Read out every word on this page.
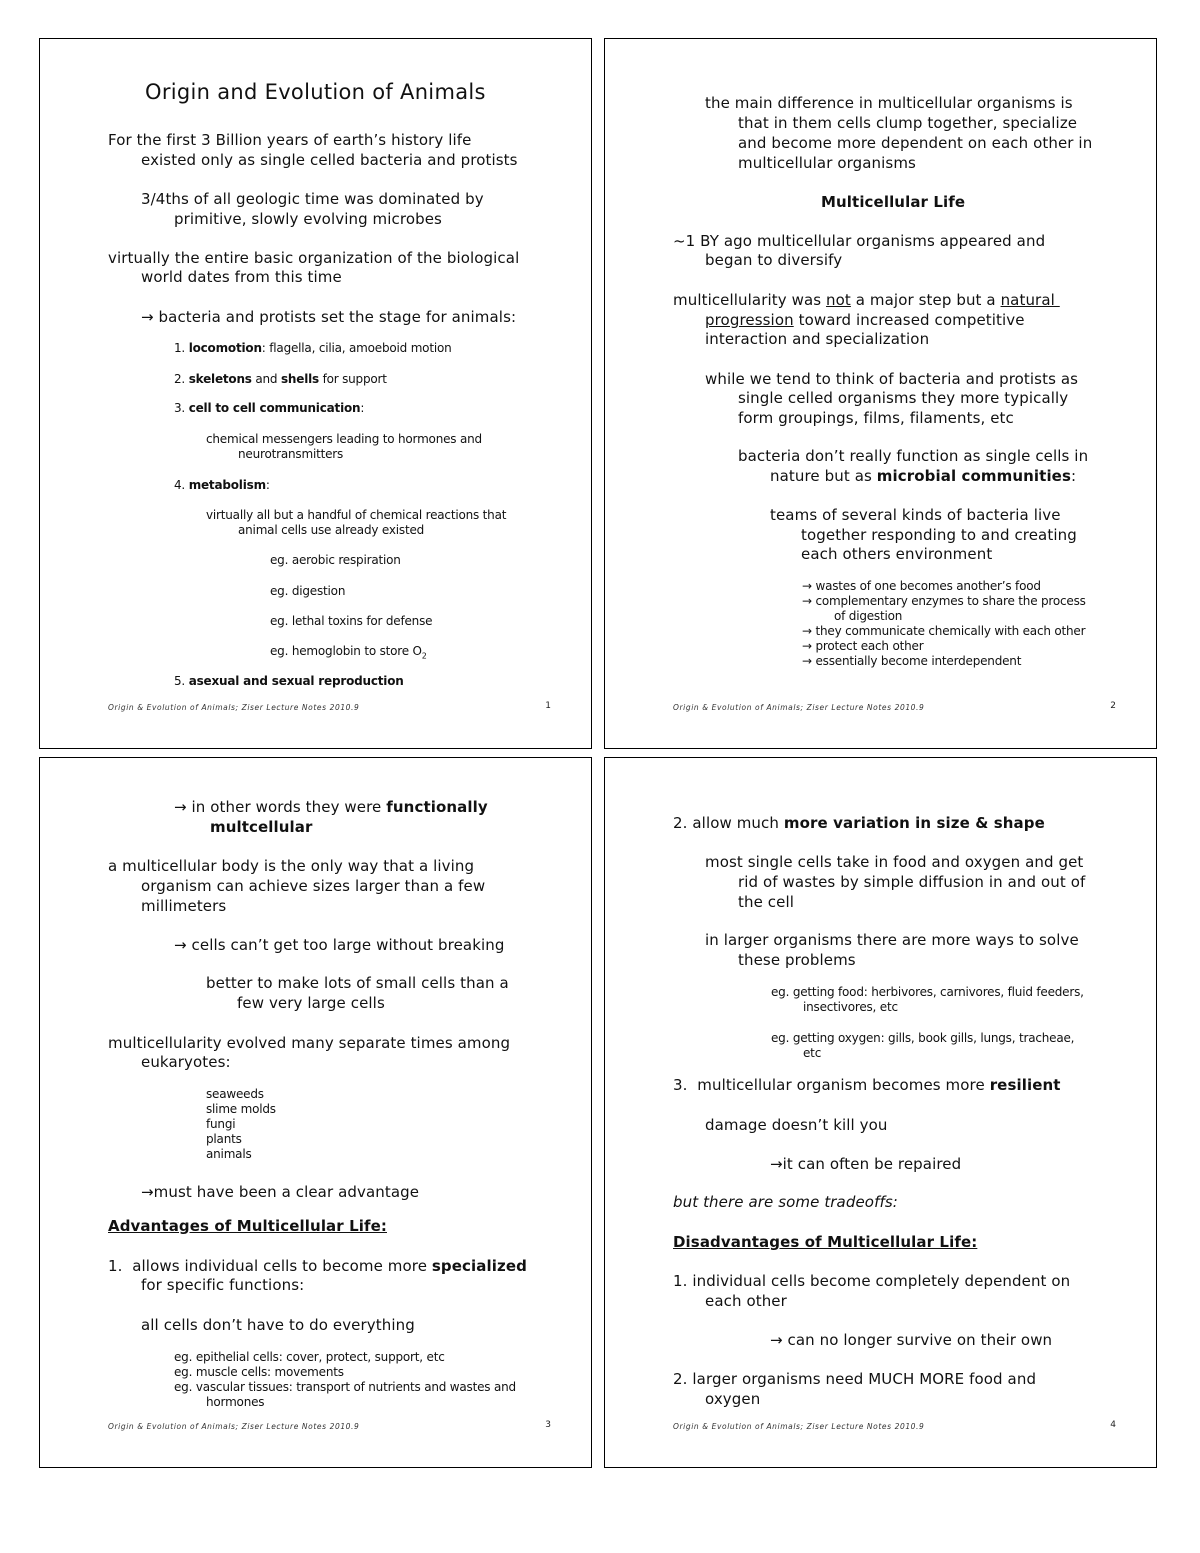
Origin and Evolution of Animals
For the first 3 Billion years of earth’s history life
existed only as single celled bacteria and protists
3/4ths of all geologic time was dominated by
primitive, slowly evolving microbes
virtually the entire basic organization of the biological
world dates from this time
→ bacteria and protists set the stage for animals:
1. locomotion: flagella, cilia, amoeboid motion
2. skeletons and shells for support
3. cell to cell communication:
chemical messengers leading to hormones and
neurotransmitters
4. metabolism:
virtually all but a handful of chemical reactions that
animal cells use already existed
eg. aerobic respiration
eg. digestion
eg. lethal toxins for defense
eg. hemoglobin to store $O_2$
5. asexual and sexual reproduction
Origin & Evolution of Animals; Ziser Lecture Notes 2010.9	1
the main difference in multicellular organisms is
that in them cells clump together, specialize
and become more dependent on each other in
multicellular organisms
Multicellular Life
~1 BY ago multicellular organisms appeared and
began to diversify
multicellularity was not a major step but a natural
progression toward increased competitive
interaction and specialization
while we tend to think of bacteria and protists as
single celled organisms they more typically
form groupings, films, filaments, etc
bacteria don’t really function as single cells in
nature but as microbial communities:
teams of several kinds of bacteria live
together responding to and creating
each others environment
→ wastes of one becomes another’s food
→ complementary enzymes to share the process
of digestion
→ they communicate chemically with each other
→ protect each other
→ essentially become interdependent
Origin & Evolution of Animals; Ziser Lecture Notes 2010.9	2
→ in other words they were functionally
multcellular
a multicellular body is the only way that a living
organism can achieve sizes larger than a few
millimeters
→ cells can’t get too large without breaking
better to make lots of small cells than a
few very large cells
multicellularity evolved many separate times among
eukaryotes:
seaweeds
slime molds
fungi
plants
animals
→must have been a clear advantage
Advantages of Multicellular Life:
1.  allows individual cells to become more specialized
for specific functions:
all cells don’t have to do everything
eg. epithelial cells: cover, protect, support, etc
eg. muscle cells: movements
eg. vascular tissues: transport of nutrients and wastes and
hormones
Origin & Evolution of Animals; Ziser Lecture Notes 2010.9	3
2. allow much more variation in size & shape
most single cells take in food and oxygen and get
rid of wastes by simple diffusion in and out of
the cell
in larger organisms there are more ways to solve
these problems
eg. getting food: herbivores, carnivores, fluid feeders,
insectivores, etc
eg. getting oxygen: gills, book gills, lungs, tracheae,
etc
3.  multicellular organism becomes more resilient
damage doesn’t kill you
→it can often be repaired
but there are some tradeoffs:
Disadvantages of Multicellular Life:
1. individual cells become completely dependent on
each other
→ can no longer survive on their own
2. larger organisms need MUCH MORE food and
oxygen
Origin & Evolution of Animals; Ziser Lecture Notes 2010.9	4
